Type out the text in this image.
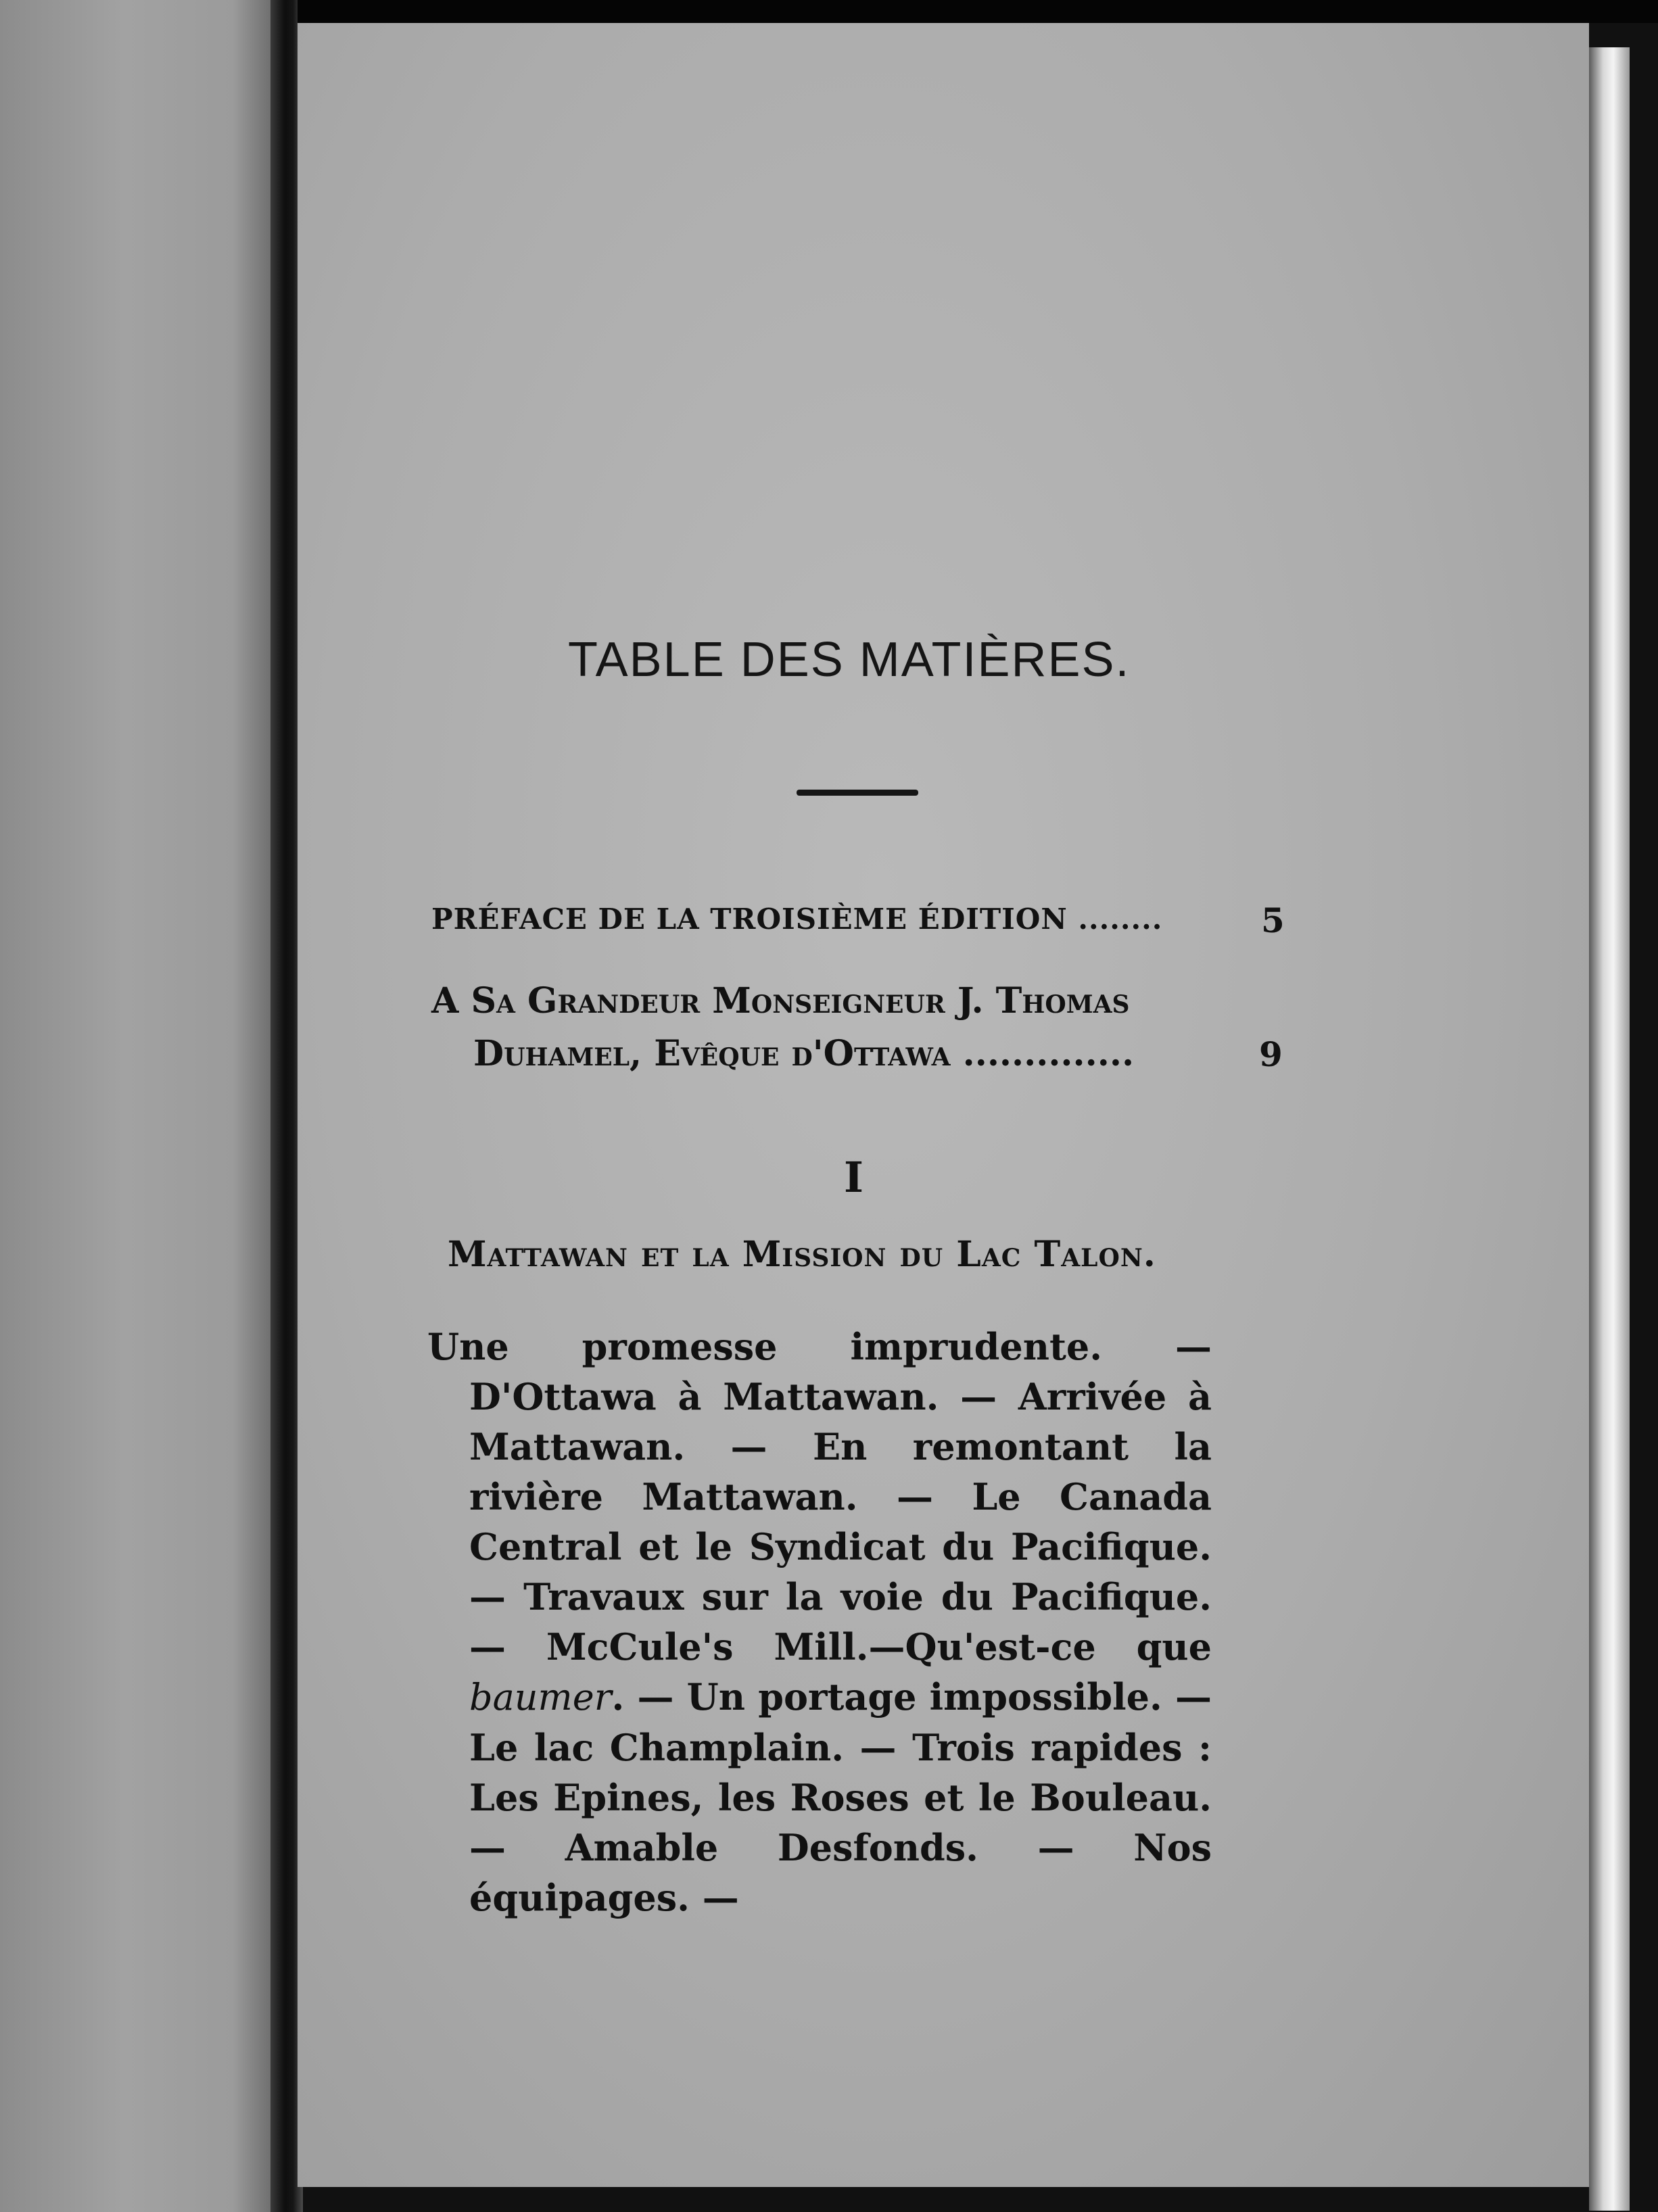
TABLE DES MATIÈRES.
PRÉFACE DE LA TROISIÈME ÉDITION ........	5
A Sa Grandeur Monseigneur J. Thomas
Duhamel, Evêque d'Ottawa ..............	9
I
Mattawan et la Mission du Lac Talon.
Une promesse imprudente. — D'Ottawa à Mattawan. — Arrivée à Mattawan. — En remontant la rivière Mattawan. — Le Canada Central et le Syndicat du Pacifique. — Travaux sur la voie du Pacifique. — McCule's Mill.—Qu'est-ce que baumer. — Un portage impossible. — Le lac Champlain. — Trois rapides : Les Epines, les Roses et le Bouleau. — Amable Desfonds. — Nos équipages. —
